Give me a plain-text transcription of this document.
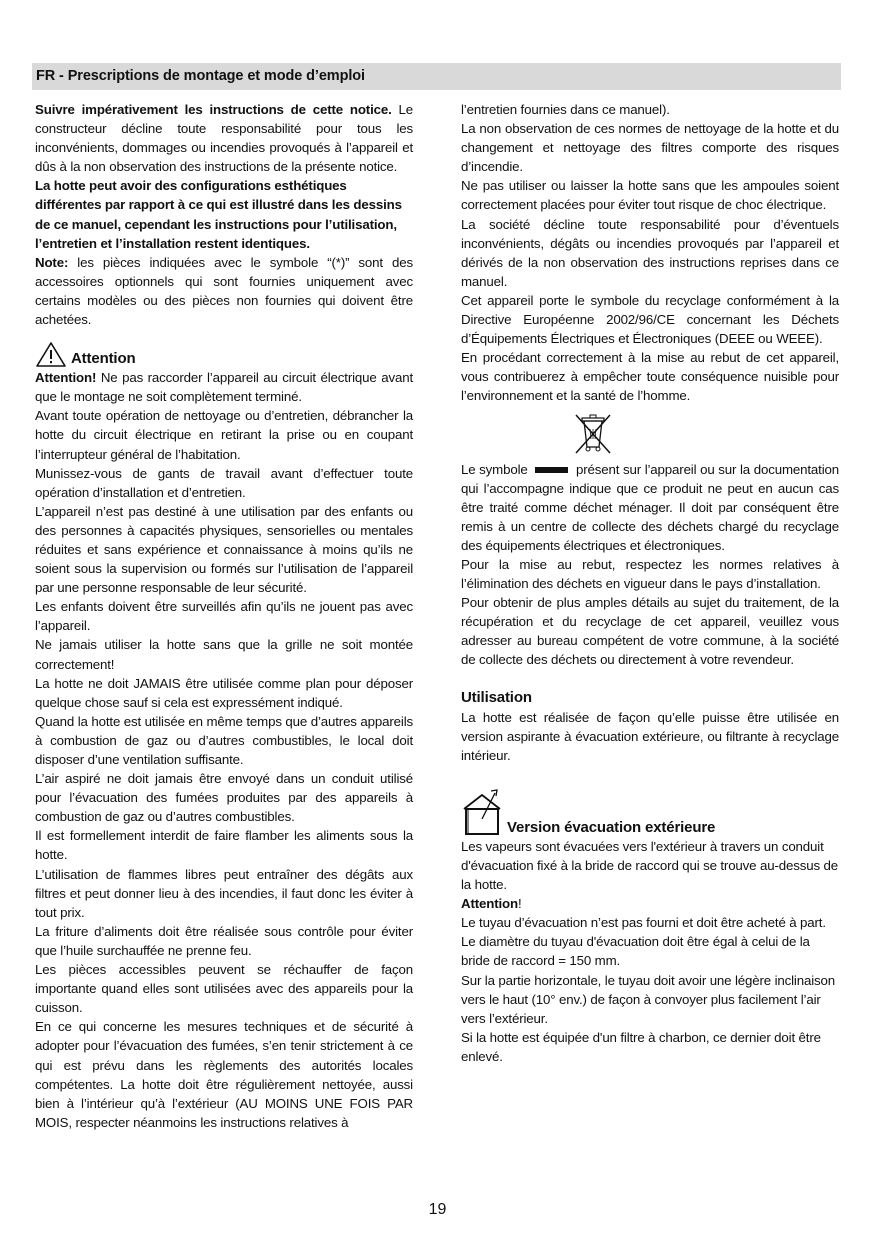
FR - Prescriptions de montage et mode d’emploi

Suivre impérativement les instructions de cette notice. Le constructeur décline toute responsabilité pour tous les inconvénients, dommages ou incendies provoqués à l’appareil et dûs à la non observation des instructions de la présente notice.

La hotte peut avoir des configurations esthétiques différentes par rapport à ce qui est illustré dans les dessins de ce manuel, cependant les instructions pour l’utilisation, l’entretien et l’installation restent identiques.

Note: les pièces indiquées avec le symbole “(*)” sont des accessoires optionnels qui sont fournies uniquement avec certains modèles ou des pièces non fournies qui doivent être achetées.

Attention

Attention! Ne pas raccorder l’appareil au circuit électrique avant que le montage ne soit complètement terminé.

Avant toute opération de nettoyage ou d’entretien, débrancher la hotte du circuit électrique en retirant la prise ou en coupant l’interrupteur général de l’habitation.

Munissez-vous de gants de travail avant d’effectuer toute opération d’installation et d’entretien.

L’appareil n’est pas destiné à une utilisation par des enfants ou des personnes à capacités physiques, sensorielles ou mentales réduites et sans expérience et connaissance à moins qu’ils ne soient sous la supervision ou formés sur l’utilisation de l’appareil par une personne responsable de leur sécurité.

Les enfants doivent être surveillés afin qu’ils ne jouent pas avec l’appareil.

Ne jamais utiliser la hotte sans que la grille ne soit montée correctement!

La hotte ne doit JAMAIS être utilisée comme plan pour déposer quelque chose sauf si cela est expressément indiqué.

Quand la hotte est utilisée en même temps que d’autres appareils à combustion de gaz ou d’autres combustibles, le local doit disposer d’une ventilation suffisante.

L’air aspiré ne doit jamais être envoyé dans un conduit utilisé pour l’évacuation des fumées produites par des appareils à combustion de gaz ou d’autres combustibles.

Il est formellement interdit de faire flamber les aliments sous la hotte.

L’utilisation de flammes libres peut entraîner des dégâts aux filtres et peut donner lieu à des incendies, il faut donc les éviter à tout prix.

La friture d’aliments doit être réalisée sous contrôle pour éviter que l’huile surchauffée ne prenne feu.

Les pièces accessibles peuvent se réchauffer de façon importante quand elles sont utilisées avec des appareils pour la cuisson.

En ce qui concerne les mesures techniques et de sécurité à adopter pour l’évacuation des fumées, s’en tenir strictement à ce qui est prévu dans les règlements des autorités locales compétentes. La hotte doit être régulièrement nettoyée, aussi bien à l’intérieur qu’à l’extérieur (AU MOINS UNE FOIS PAR MOIS, respecter néanmoins les instructions relatives à

l’entretien fournies dans ce manuel).

La non observation de ces normes de nettoyage de la hotte et du changement et nettoyage des filtres comporte des risques d’incendie.

Ne pas utiliser ou laisser la hotte sans que les ampoules soient correctement placées pour éviter tout risque de choc électrique.

La société décline toute responsabilité pour d’éventuels inconvénients, dégâts ou incendies provoqués par l’appareil et dérivés de la non observation des instructions reprises dans ce manuel.

Cet appareil porte le symbole du recyclage conformément à la Directive Européenne 2002/96/CE concernant les Déchets d’Équipements Électriques et Électroniques (DEEE ou WEEE).

En procédant correctement à la mise au rebut de cet appareil, vous contribuerez à empêcher toute conséquence nuisible pour l’environnement et la santé de l’homme.

Le symbole	présent sur l’appareil ou sur la documentation qui l’accompagne indique que ce produit ne peut en aucun cas être traité comme déchet ménager. Il doit par conséquent être remis à un centre de collecte des déchets chargé du recyclage des équipements électriques et électroniques.

Pour la mise au rebut, respectez les normes relatives à l’élimination des déchets en vigueur dans le pays d’installation.

Pour obtenir de plus amples détails au sujet du traitement, de la récupération et du recyclage de cet appareil, veuillez vous adresser au bureau compétent de votre commune, à la société de collecte des déchets ou directement à votre revendeur.

Utilisation

La hotte est réalisée de façon qu’elle puisse être utilisée en version aspirante à évacuation extérieure, ou filtrante à recyclage intérieur.

Version évacuation extérieure

Les vapeurs sont évacuées vers l'extérieur à travers un conduit d'évacuation fixé à la bride de raccord qui se trouve au-dessus de la hotte.

Attention!

Le tuyau d’évacuation n’est pas fourni et doit être acheté à part.

Le diamètre du tuyau d'évacuation doit être égal à celui de la bride de raccord = 150 mm.

Sur la partie horizontale, le tuyau doit avoir une légère inclinaison vers le haut (10° env.) de façon à convoyer plus facilement l’air vers l’extérieur.

Si la hotte est équipée d'un filtre à charbon, ce dernier doit être enlevé.

19
